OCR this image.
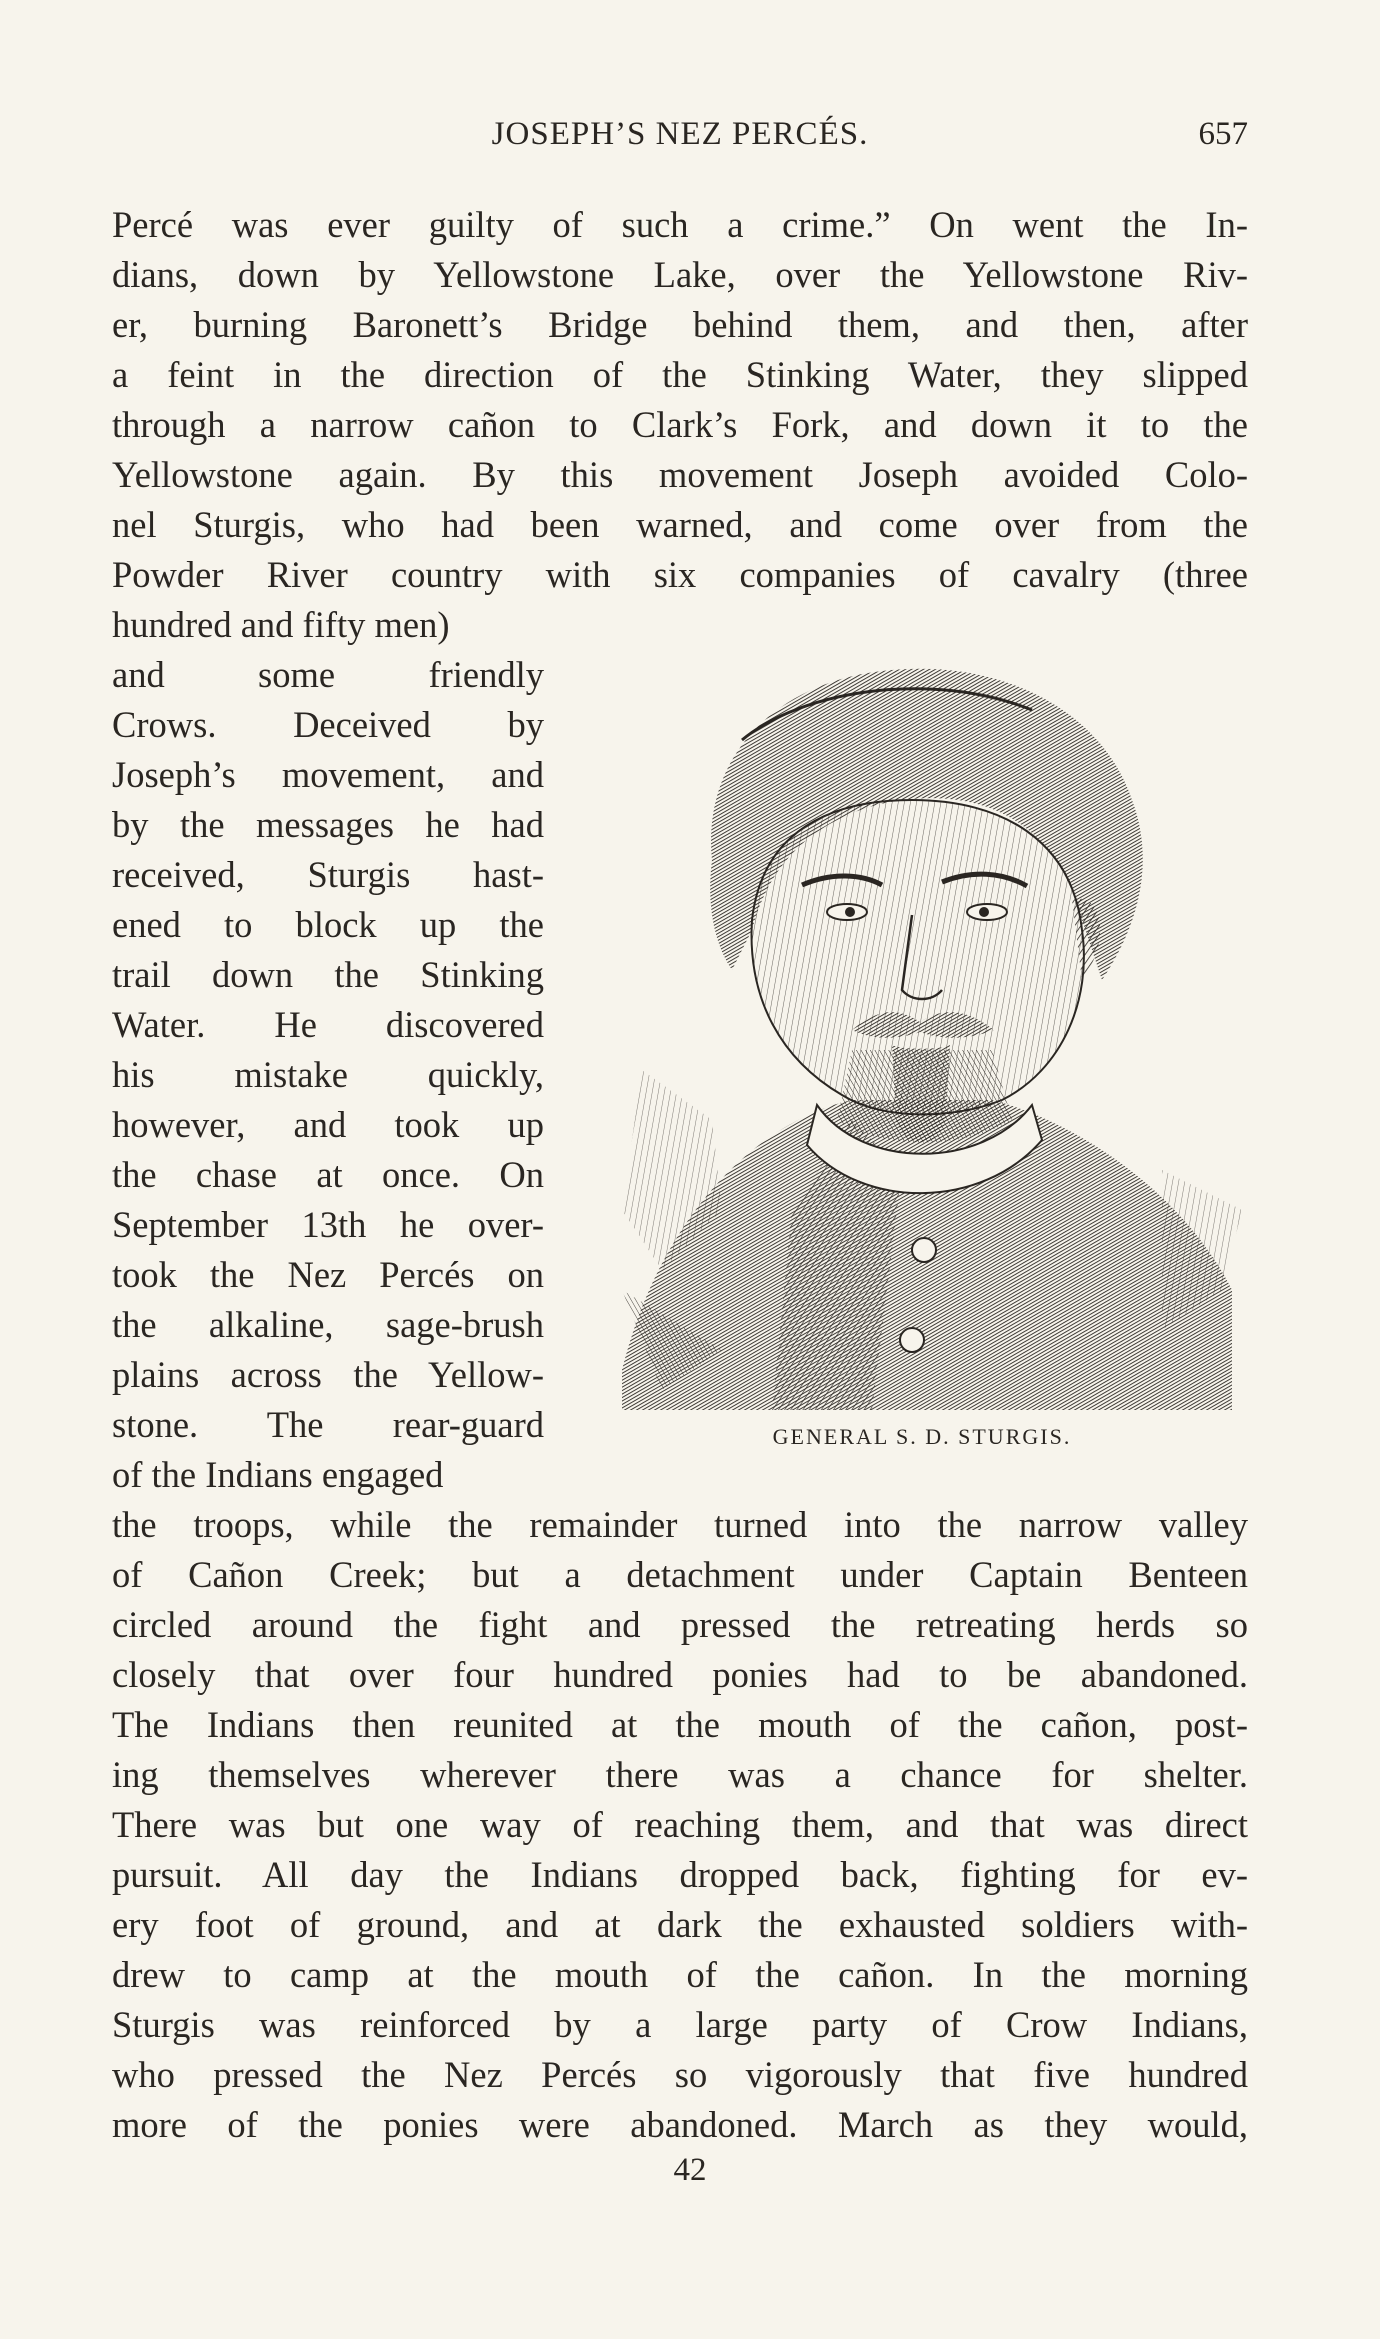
JOSEPH’S NEZ PERCÉS.	657
Percé was ever guilty of such a crime.” On went the In-
dians, down by Yellowstone Lake, over the Yellowstone Riv-
er, burning Baronett’s Bridge behind them, and then, after
a feint in the direction of the Stinking Water, they slipped
through a narrow cañon to Clark’s Fork, and down it to the
Yellowstone again. By this movement Joseph avoided Colo-
nel Sturgis, who had been warned, and come over from the
Powder River country with six companies of cavalry (three
hundred and fifty men)
and some friendly
Crows. Deceived by
Joseph’s movement, and
by the messages he had
received, Sturgis hast-
ened to block up the
trail down the Stinking
Water. He discovered
his mistake quickly,
however, and took up
the chase at once. On
September 13th he over-
took the Nez Percés on
the alkaline, sage-brush
plains across the Yellow-
stone. The rear-guard
of the Indians engaged
the troops, while the remainder turned into the narrow valley
of Cañon Creek; but a detachment under Captain Benteen
circled around the fight and pressed the retreating herds so
closely that over four hundred ponies had to be abandoned.
The Indians then reunited at the mouth of the cañon, post-
ing themselves wherever there was a chance for shelter.
There was but one way of reaching them, and that was direct
pursuit. All day the Indians dropped back, fighting for ev-
ery foot of ground, and at dark the exhausted soldiers with-
drew to camp at the mouth of the cañon. In the morning
Sturgis was reinforced by a large party of Crow Indians,
who pressed the Nez Percés so vigorously that five hundred
more of the ponies were abandoned. March as they would,
GENERAL S. D. STURGIS.
42
